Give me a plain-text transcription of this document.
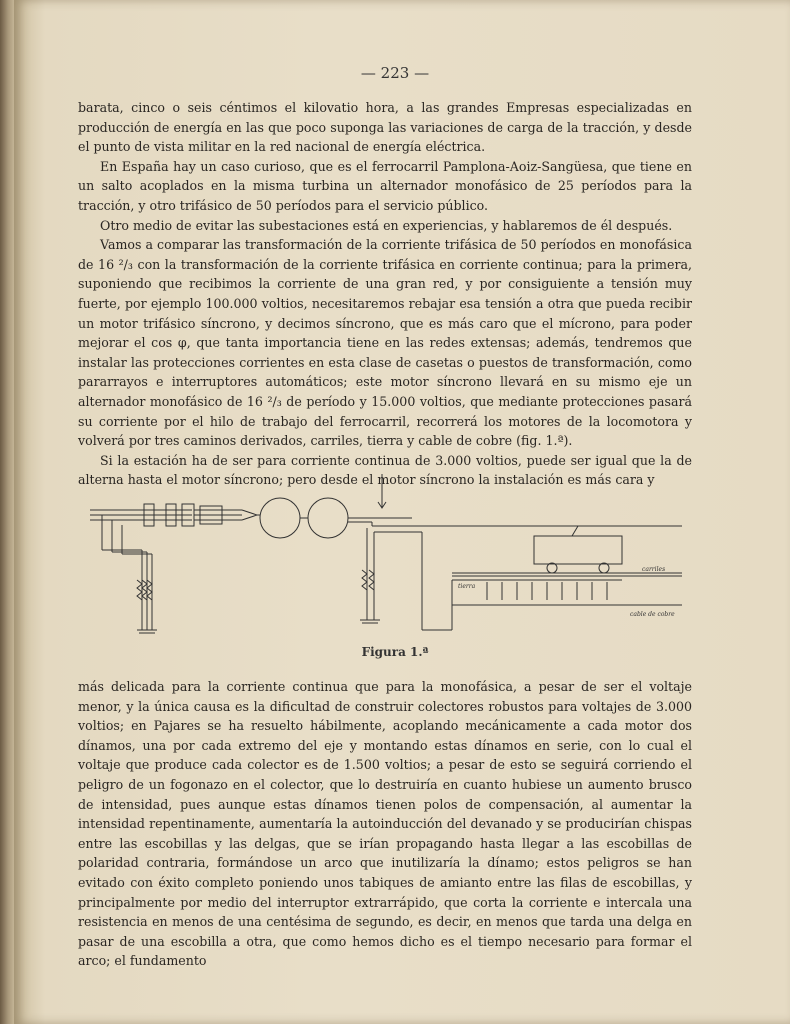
— 223 —

barata, cinco o seis céntimos el kilovatio hora, a las grandes Empresas especializadas en producción de energía en las que poco suponga las variaciones de carga de la tracción, y desde el punto de vista militar en la red nacional de energía eléctrica.

En España hay un caso curioso, que es el ferrocarril Pamplona-Aoiz-Sangüesa, que tiene en un salto acoplados en la misma turbina un alternador monofásico de 25 períodos para la tracción, y otro trifásico de 50 períodos para el servicio público.

Otro medio de evitar las subestaciones está en experiencias, y hablaremos de él después.

Vamos a comparar las transformación de la corriente trifásica de 50 períodos en monofásica de 16 ²/₃ con la transformación de la corriente trifásica en corriente continua; para la primera, suponiendo que recibimos la corriente de una gran red, y por consiguiente a tensión muy fuerte, por ejemplo 100.000 voltios, necesitaremos rebajar esa tensión a otra que pueda recibir un motor trifásico síncrono, y decimos síncrono, que es más caro que el mícrono, para poder mejorar el cos φ, que tanta importancia tiene en las redes extensas; además, tendremos que instalar las protecciones corrientes en esta clase de casetas o puestos de transformación, como pararrayos e interruptores automáticos; este motor síncrono llevará en su mismo eje un alternador monofásico de 16 ²/₃ de período y 15.000 voltios, que mediante protecciones pasará su corriente por el hilo de trabajo del ferrocarril, recorrerá los motores de la locomotora y volverá por tres caminos derivados, carriles, tierra y cable de cobre (fig. 1.ª).

Si la estación ha de ser para corriente continua de 3.000 voltios, puede ser igual que la de alterna hasta el motor síncrono; pero desde el motor síncrono la instalación es más cara y

carriles
tierra
cable de cobre
Figura 1.ª

más delicada para la corriente continua que para la monofásica, a pesar de ser el voltaje menor, y la única causa es la dificultad de construir colectores robustos para voltajes de 3.000 voltios; en Pajares se ha resuelto hábilmente, acoplando mecánicamente a cada motor dos dínamos, una por cada extremo del eje y montando estas dínamos en serie, con lo cual el voltaje que produce cada colector es de 1.500 voltios; a pesar de esto se seguirá corriendo el peligro de un fogonazo en el colector, que lo destruiría en cuanto hubiese un aumento brusco de intensidad, pues aunque estas dínamos tienen polos de compensación, al aumentar la intensidad repentinamente, aumentaría la autoinducción del devanado y se producirían chispas entre las escobillas y las delgas, que se irían propagando hasta llegar a las escobillas de polaridad contraria, formándose un arco que inutilizaría la dínamo; estos peligros se han evitado con éxito completo poniendo unos tabiques de amianto entre las filas de escobillas, y principalmente por medio del interruptor extrarrápido, que corta la corriente e intercala una resistencia en menos de una centésima de segundo, es decir, en menos que tarda una delga en pasar de una escobilla a otra, que como hemos dicho es el tiempo necesario para formar el arco; el fundamento
